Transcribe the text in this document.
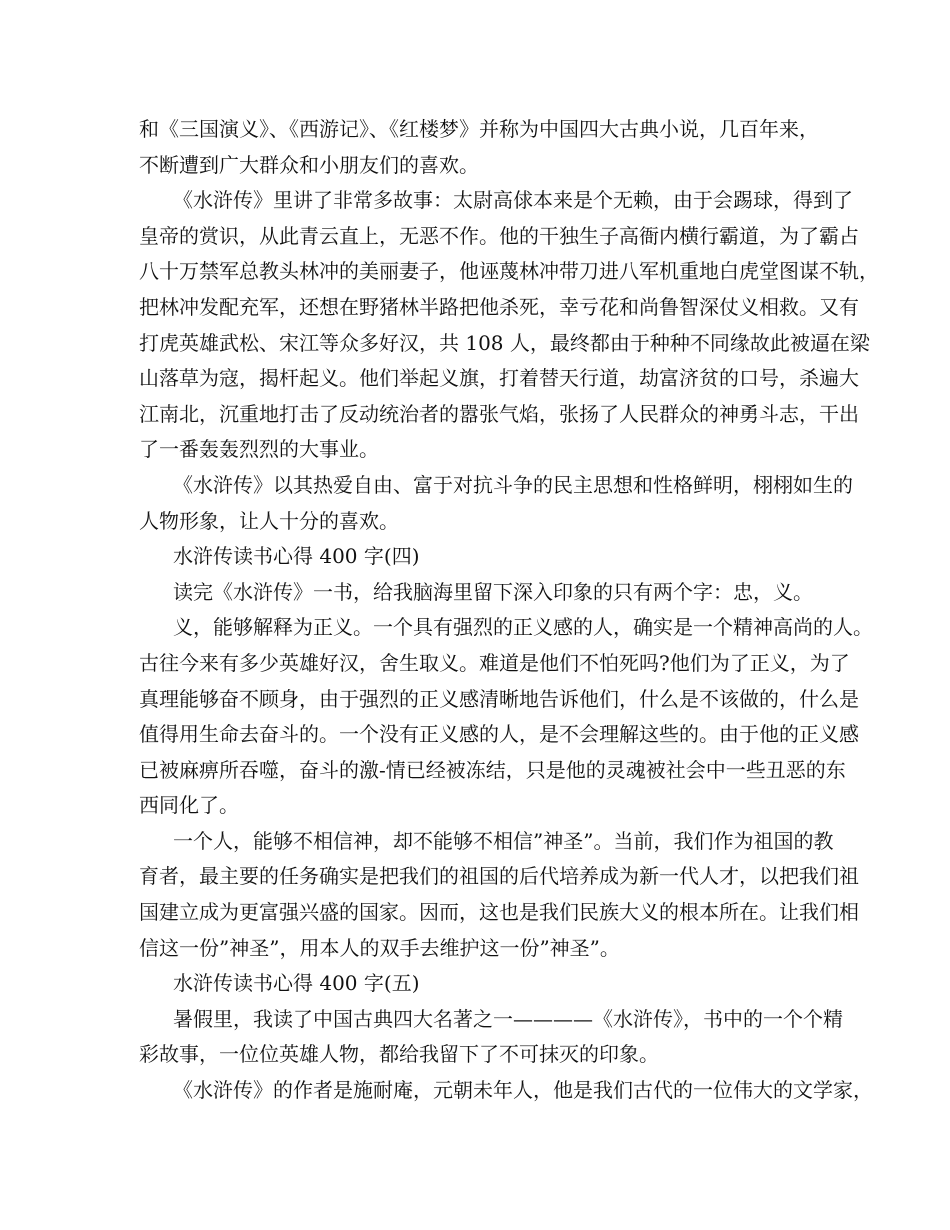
和《三国演义》、《西游记》、《红楼梦》并称为中国四大古典小说，几百年来，

不断遭到广大群众和小朋友们的喜欢。

《水浒传》里讲了非常多故事：太尉高俅本来是个无赖，由于会踢球，得到了

皇帝的赏识，从此青云直上，无恶不作。他的干独生子高衙内横行霸道，为了霸占

八十万禁军总教头林冲的美丽妻子，他诬蔑林冲带刀进八军机重地白虎堂图谋不轨，

把林冲发配充军，还想在野猪林半路把他杀死，幸亏花和尚鲁智深仗义相救。又有

打虎英雄武松、宋江等众多好汉，共 108 人，最终都由于种种不同缘故此被逼在梁

山落草为寇，揭杆起义。他们举起义旗，打着替天行道，劫富济贫的口号，杀遍大

江南北，沉重地打击了反动统治者的嚣张气焰，张扬了人民群众的神勇斗志，干出

了一番轰轰烈烈的大事业。

《水浒传》以其热爱自由、富于对抗斗争的民主思想和性格鲜明，栩栩如生的

人物形象，让人十分的喜欢。

水浒传读书心得 400 字(四)

读完《水浒传》一书，给我脑海里留下深入印象的只有两个字：忠，义。

义，能够解释为正义。一个具有强烈的正义感的人，确实是一个精神高尚的人。

古往今来有多少英雄好汉，舍生取义。难道是他们不怕死吗?他们为了正义，为了

真理能够奋不顾身，由于强烈的正义感清晰地告诉他们，什么是不该做的，什么是

值得用生命去奋斗的。一个没有正义感的人，是不会理解这些的。由于他的正义感

已被麻痹所吞噬，奋斗的激-情已经被冻结，只是他的灵魂被社会中一些丑恶的东

西同化了。

一个人，能够不相信神，却不能够不相信”神圣”。当前，我们作为祖国的教

育者，最主要的任务确实是把我们的祖国的后代培养成为新一代人才，以把我们祖

国建立成为更富强兴盛的国家。因而，这也是我们民族大义的根本所在。让我们相

信这一份”神圣”，用本人的双手去维护这一份”神圣”。

水浒传读书心得 400 字(五)

暑假里，我读了中国古典四大名著之一————《水浒传》，书中的一个个精

彩故事，一位位英雄人物，都给我留下了不可抹灭的印象。

《水浒传》的作者是施耐庵，元朝未年人，他是我们古代的一位伟大的文学家，
